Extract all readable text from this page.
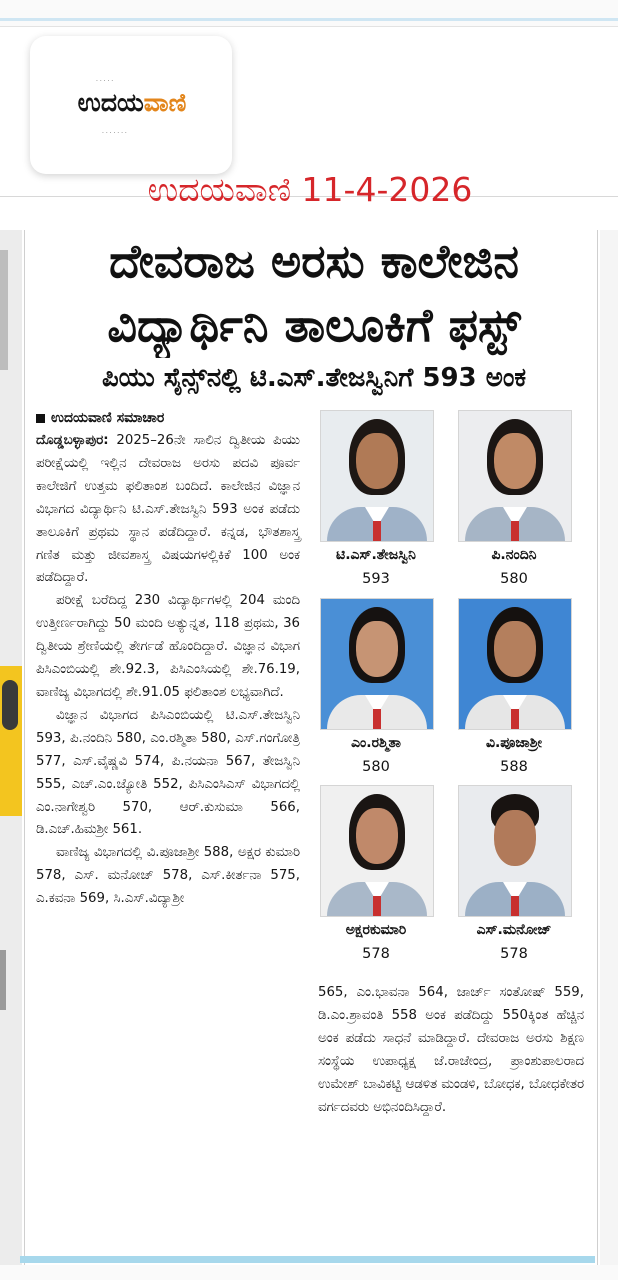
· · · · ·
ಉದಯವಾಣಿ
· · · · · · ·
ಉದಯವಾಣಿ 11-4-2026
ದೇವರಾಜ ಅರಸು ಕಾಲೇಜಿನ
ವಿದ್ಯಾರ್ಥಿನಿ ತಾಲೂಕಿಗೆ ಫಸ್ಟ್
ಪಿಯು ಸೈನ್ಸ್‌ನಲ್ಲಿ ಟಿ.ಎಸ್.ತೇಜಸ್ವಿನಿಗೆ 593 ಅಂಕ
ಉದಯವಾಣಿ ಸಮಾಚಾರ

ದೊಡ್ಡಬಳ್ಳಾಪುರ: 2025–26ನೇ ಸಾಲಿನ ದ್ವಿತೀಯ ಪಿಯು ಪರೀಕ್ಷೆಯಲ್ಲಿ ಇಲ್ಲಿನ ದೇವರಾಜ ಅರಸು ಪದವಿ ಪೂರ್ವ ಕಾಲೇಜಿಗೆ ಉತ್ತಮ ಫಲಿತಾಂಶ ಬಂದಿದೆ. ಕಾಲೇಜಿನ ವಿಜ್ಞಾನ ವಿಭಾಗದ ವಿದ್ಯಾರ್ಥಿನಿ ಟಿ.ಎಸ್.ತೇಜಸ್ವಿನಿ 593 ಅಂಕ ಪಡೆದು ತಾಲೂಕಿಗೆ ಪ್ರಥಮ ಸ್ಥಾನ ಪಡೆದಿದ್ದಾರೆ. ಕನ್ನಡ, ಭೌತಶಾಸ್ತ್ರ ಗಣಿತ ಮತ್ತು ಜೀವಶಾಸ್ತ್ರ ವಿಷಯಗಳಲ್ಲಿಕಿಕೆ 100 ಅಂಕ ಪಡೆದಿದ್ದಾರೆ.

ಪರೀಕ್ಷೆ ಬರೆದಿದ್ದ 230 ವಿದ್ಯಾರ್ಥಿಗಳಲ್ಲಿ 204 ಮಂದಿ ಉತ್ತೀರ್ಣರಾಗಿದ್ದು 50 ಮಂದಿ ಅತ್ಯುನ್ನತ, 118 ಪ್ರಥಮ, 36 ದ್ವಿತೀಯ ಶ್ರೇಣಿಯಲ್ಲಿ ತೇರ್ಗಡೆ ಹೊಂದಿದ್ದಾರೆ. ವಿಜ್ಞಾನ ವಿಭಾಗ ಪಿಸಿಎಂಬಿಯಲ್ಲಿ ಶೇ.92.3, ಪಿಸಿಎಂಸಿಯಲ್ಲಿ ಶೇ.76.19, ವಾಣಿಜ್ಯ ವಿಭಾಗದಲ್ಲಿ ಶೇ.91.05 ಫಲಿತಾಂಶ ಲಭ್ಯವಾಗಿದೆ.

ವಿಜ್ಞಾನ ವಿಭಾಗದ ಪಿಸಿಎಂಬಿಯಲ್ಲಿ ಟಿ.ಎಸ್.ತೇಜಸ್ವಿನಿ 593, ಪಿ.ನಂದಿನಿ 580, ಎಂ.ರಶ್ಮಿತಾ 580, ಎಸ್.ಗಂಗೋತ್ರಿ 577, ಎಸ್.ವೈಷ್ಣವಿ 574, ಪಿ.ನಯನಾ 567, ತೇಜಸ್ವಿನಿ 555, ಎಚ್.ಎಂ.ಜ್ಯೋತಿ 552, ಪಿಸಿಎಂಸಿಎಸ್ ವಿಭಾಗದಲ್ಲಿ ಎಂ.ನಾಗೇಶ್ವರಿ 570, ಆರ್.ಕುಸುಮಾ 566, ಡಿ.ಎಚ್.ಹಿಮಶ್ರೀ 561.

ವಾಣಿಜ್ಯ ವಿಭಾಗದಲ್ಲಿ ವಿ.ಪೂಜಾಶ್ರೀ 588, ಅಕ್ಷರ ಕುಮಾರಿ 578, ಎಸ್. ಮನೋಜ್ 578, ಎಸ್.ಕೀರ್ತನಾ 575, ಎ.ಕವನಾ 569, ಸಿ.ಎಸ್.ವಿದ್ಯಾಶ್ರೀ

ಟಿ.ಎಸ್.ತೇಜಸ್ವಿನಿ
593
ಪಿ.ನಂದಿನಿ
580
ಎಂ.ರಶ್ಮಿತಾ
580
ವಿ.ಪೂಜಾಶ್ರೀ
588
ಅಕ್ಷರಕುಮಾರಿ
578
ಎಸ್.ಮನೋಜ್
578

565, ಎಂ.ಭಾವನಾ 564, ಜಾರ್ಜ್ ಸಂತೋಷ್ 559, ಡಿ.ಎಂ.ಶ್ರಾವಂತಿ 558 ಅಂಕ ಪಡೆದಿದ್ದು 550ಕ್ಕಿಂತ ಹೆಚ್ಚಿನ ಅಂಕ ಪಡೆದು ಸಾಧನೆ ಮಾಡಿದ್ದಾರೆ. ದೇವರಾಜ ಅರಸು ಶಿಕ್ಷಣ ಸಂಸ್ಥೆಯ ಉಪಾಧ್ಯಕ್ಷ ಜೆ.ರಾಜೇಂದ್ರ, ಪ್ರಾಂಶುಪಾಲರಾದ ಉಮೇಶ್ ಬಾವಿಕಟ್ಟಿ ಆಡಳಿತ ಮಂಡಳಿ, ಬೋಧಕ, ಬೋಧಕೇತರ ವರ್ಗದವರು ಅಭಿನಂದಿಸಿದ್ದಾರೆ.
